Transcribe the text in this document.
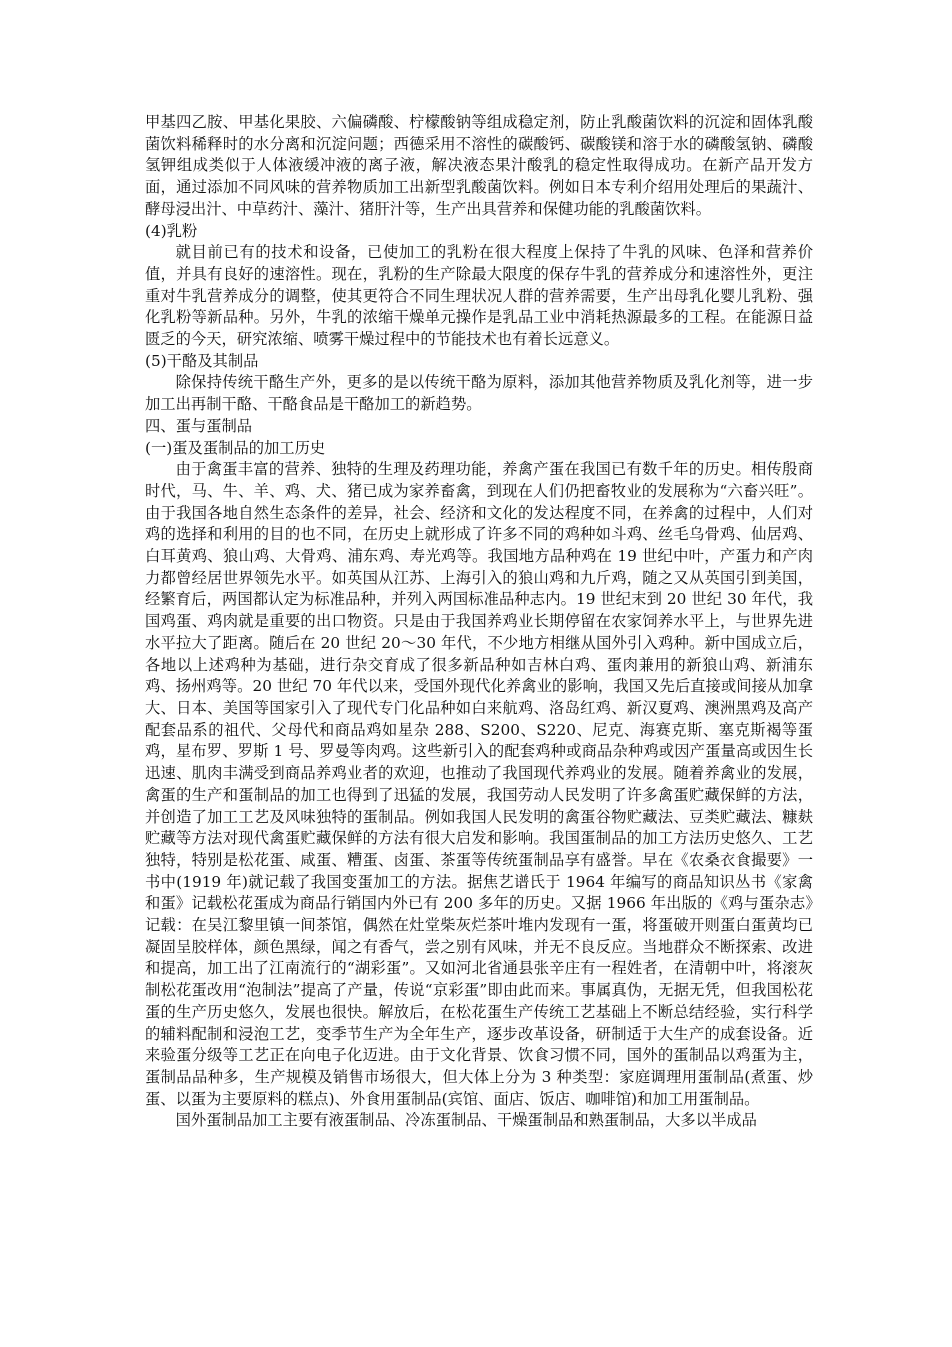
甲基四乙胺、甲基化果胶、六偏磷酸、柠檬酸钠等组成稳定剂，防止乳酸菌饮料的沉淀和固体乳酸菌饮料稀释时的水分离和沉淀问题；西德采用不溶性的碳酸钙、碳酸镁和溶于水的磷酸氢钠、磷酸氢钾组成类似于人体液缓冲液的离子液，解决液态果汁酸乳的稳定性取得成功。在新产品开发方面，通过添加不同风味的营养物质加工出新型乳酸菌饮料。例如日本专利介绍用处理后的果蔬汁、酵母浸出汁、中草药汁、藻汁、猪肝汁等，生产出具营养和保健功能的乳酸菌饮料。

(4)乳粉

就目前已有的技术和设备，已使加工的乳粉在很大程度上保持了牛乳的风味、色泽和营养价值，并具有良好的速溶性。现在，乳粉的生产除最大限度的保存牛乳的营养成分和速溶性外，更注重对牛乳营养成分的调整，使其更符合不同生理状况人群的营养需要，生产出母乳化婴儿乳粉、强化乳粉等新品种。另外，牛乳的浓缩干燥单元操作是乳品工业中消耗热源最多的工程。在能源日益匮乏的今天，研究浓缩、喷雾干燥过程中的节能技术也有着长远意义。

(5)干酪及其制品

除保持传统干酪生产外，更多的是以传统干酪为原料，添加其他营养物质及乳化剂等，进一步加工出再制干酪、干酪食品是干酪加工的新趋势。

四、蛋与蛋制品

(一)蛋及蛋制品的加工历史

由于禽蛋丰富的营养、独特的生理及药理功能，养禽产蛋在我国已有数千年的历史。相传殷商时代，马、牛、羊、鸡、犬、猪已成为家养畜禽，到现在人们仍把畜牧业的发展称为“六畜兴旺”。由于我国各地自然生态条件的差异，社会、经济和文化的发达程度不同，在养禽的过程中，人们对鸡的选择和利用的目的也不同，在历史上就形成了许多不同的鸡种如斗鸡、丝毛乌骨鸡、仙居鸡、白耳黄鸡、狼山鸡、大骨鸡、浦东鸡、寿光鸡等。我国地方品种鸡在 19 世纪中叶，产蛋力和产肉力都曾经居世界领先水平。如英国从江苏、上海引入的狼山鸡和九斤鸡，随之又从英国引到美国，经繁育后，两国都认定为标准品种，并列入两国标准品种志内。19 世纪末到 20 世纪 30 年代，我国鸡蛋、鸡肉就是重要的出口物资。只是由于我国养鸡业长期停留在农家饲养水平上，与世界先进水平拉大了距离。随后在 20 世纪 20～30 年代，不少地方相继从国外引入鸡种。新中国成立后，各地以上述鸡种为基础，进行杂交育成了很多新品种如吉林白鸡、蛋肉兼用的新狼山鸡、新浦东鸡、扬州鸡等。20 世纪 70 年代以来，受国外现代化养禽业的影响，我国又先后直接或间接从加拿大、日本、美国等国家引入了现代专门化品种如白来航鸡、洛岛红鸡、新汉夏鸡、澳洲黑鸡及高产配套品系的祖代、父母代和商品鸡如星杂 288、S200、S220、尼克、海赛克斯、塞克斯褐等蛋鸡，星布罗、罗斯 1 号、罗曼等肉鸡。这些新引入的配套鸡种或商品杂种鸡或因产蛋量高或因生长迅速、肌肉丰满受到商品养鸡业者的欢迎，也推动了我国现代养鸡业的发展。随着养禽业的发展，禽蛋的生产和蛋制品的加工也得到了迅猛的发展，我国劳动人民发明了许多禽蛋贮藏保鲜的方法，并创造了加工工艺及风味独特的蛋制品。例如我国人民发明的禽蛋谷物贮藏法、豆类贮藏法、糠麸贮藏等方法对现代禽蛋贮藏保鲜的方法有很大启发和影响。我国蛋制品的加工方法历史悠久、工艺独特，特别是松花蛋、咸蛋、糟蛋、卤蛋、茶蛋等传统蛋制品享有盛誉。早在《农桑衣食撮要》一书中(1919 年)就记载了我国变蛋加工的方法。据焦艺谱氏于 1964 年编写的商品知识丛书《家禽和蛋》记载松花蛋成为商品行销国内外已有 200 多年的历史。又据 1966 年出版的《鸡与蛋杂志》记载：在吴江黎里镇一间茶馆，偶然在灶堂柴灰烂茶叶堆内发现有一蛋，将蛋破开则蛋白蛋黄均已凝固呈胶样体，颜色黑绿，闻之有香气，尝之别有风味，并无不良反应。当地群众不断探索、改进和提高，加工出了江南流行的“湖彩蛋”。又如河北省通县张辛庄有一程姓者，在清朝中叶，将滚灰制松花蛋改用“泡制法”提高了产量，传说“京彩蛋”即由此而来。事属真伪，无据无凭，但我国松花蛋的生产历史悠久，发展也很快。解放后，在松花蛋生产传统工艺基础上不断总结经验，实行科学的辅料配制和浸泡工艺，变季节生产为全年生产，逐步改革设备，研制适于大生产的成套设备。近来验蛋分级等工艺正在向电子化迈进。由于文化背景、饮食习惯不同，国外的蛋制品以鸡蛋为主，蛋制品品种多，生产规模及销售市场很大，但大体上分为 3 种类型：家庭调理用蛋制品(煮蛋、炒蛋、以蛋为主要原料的糕点)、外食用蛋制品(宾馆、面店、饭店、咖啡馆)和加工用蛋制品。

国外蛋制品加工主要有液蛋制品、冷冻蛋制品、干燥蛋制品和熟蛋制品，大多以半成品
